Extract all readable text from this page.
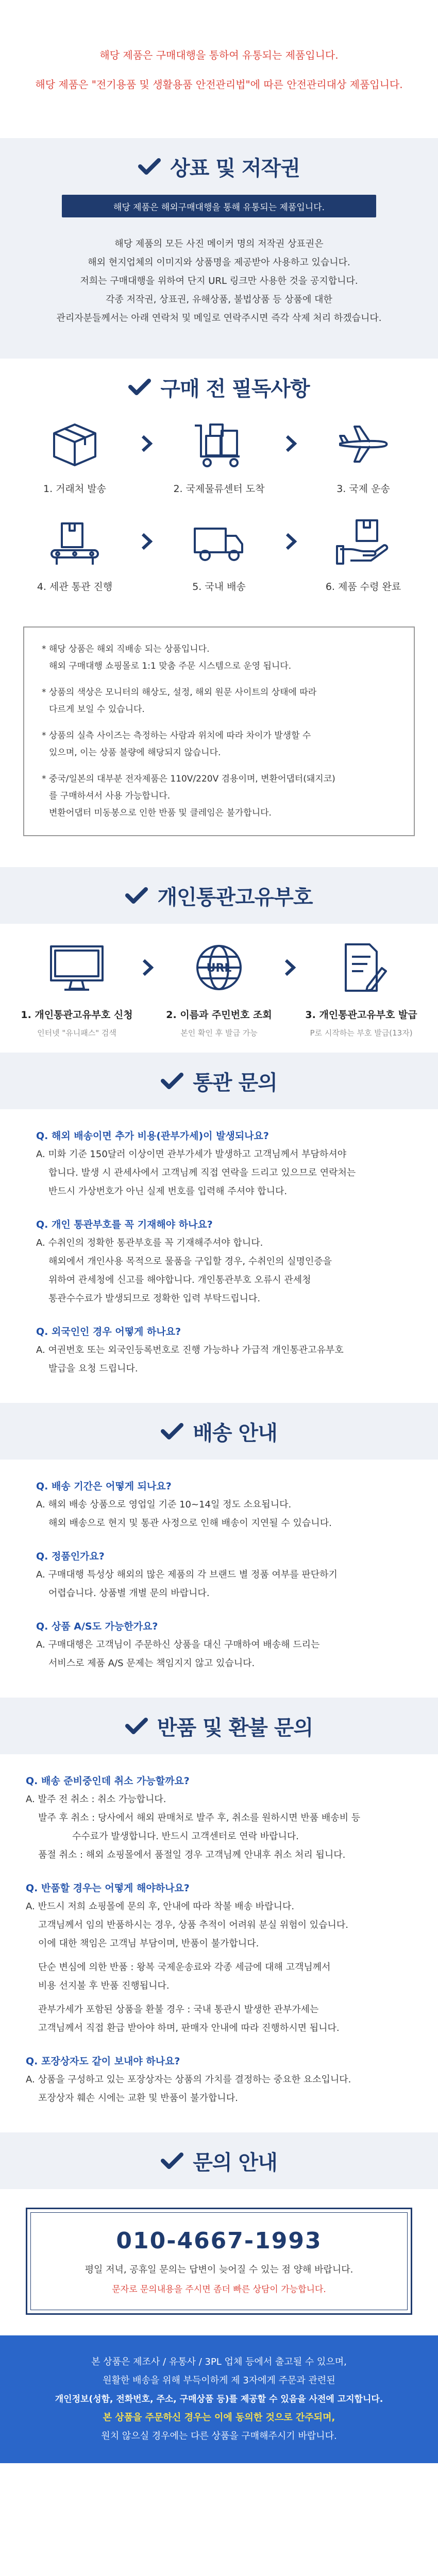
해당 제품은 구매대행을 통하여 유통되는 제품입니다.

해당 제품은 "전기용품 및 생활용품 안전관리법"에 따른 안전관리대상 제품입니다.

상표 및 저작권
해당 제품은 해외구매대행을 통해 유통되는 제품입니다.

해당 제품의 모든 사진 메이커 명의 저작권 상표권은

해외 현지업체의 이미지와 상품명을 제공받아 사용하고 있습니다.

저희는 구매대행을 위하여 단지 URL 링크만 사용한 것을 공지합니다.

각종 저작권, 상표권, 유해상품, 불법상품 등 상품에 대한

관리자분들께서는 아래 연락처 및 메일로 연락주시면 즉각 삭제 처리 하겠습니다.

구매 전 필독사항
1. 거래처 발송	2. 국제물류센터 도착	3. 국제 운송
4. 세관 통관 진행	5. 국내 배송	6. 제품 수령 완료

* 해당 상품은 해외 직배송 되는 상품입니다.

해외 구매대행 쇼핑몰로 1:1 맞춤 주문 시스템으로 운영 됩니다.

* 상품의 색상은 모니터의 해상도, 설정, 해외 원문 사이트의 상태에 따라

다르게 보일 수 있습니다.

* 상품의 실측 사이즈는 측정하는 사람과 위치에 따라 차이가 발생할 수

있으며, 이는 상품 불량에 해당되지 않습니다.

* 중국/일본의 대부분 전자제품은 110V/220V 겸용이며, 변환어댑터(돼지코)

를 구매하셔서 사용 가능합니다.

변환어댑터 미동봉으로 인한 반품 및 클레임은 불가합니다.

개인통관고유부호
1. 개인통관고유부호 신청
인터넷 "유니패스" 검색
URL
2. 이름과 주민번호 조회
본인 확인 후 발급 가능
3. 개인통관고유부호 발급
P로 시작하는 부호 발급(13자)
통관 문의
Q. 해외 배송이면 추가 비용(관부가세)이 발생되나요?
A. 미화 기준 150달러 이상이면 관부가세가 발생하고 고객님께서 부담하셔야
합니다. 발생 시 관세사에서 고객님께 직접 연락을 드리고 있으므로 연락처는
반드시 가상번호가 아닌 실제 번호를 입력해 주셔야 합니다.
Q. 개인 통관부호를 꼭 기재해야 하나요?
A. 수취인의 정확한 통관부호를 꼭 기재해주셔야 합니다.
해외에서 개인사용 목적으로 물품을 구입할 경우, 수취인의 실명인증을
위하여 관세청에 신고를 해야합니다. 개인통관부호 오류시 관세청
통관수수료가 발생되므로 정확한 입력 부탁드립니다.
Q. 외국인인 경우 어떻게 하나요?
A. 여권번호 또는 외국인등록번호로 진행 가능하나 가급적 개인통관고유부호
발급을 요청 드립니다.
배송 안내
Q. 배송 기간은 어떻게 되나요?
A. 해외 배송 상품으로 영업일 기준 10~14일 정도 소요됩니다.
해외 배송으로 현지 및 통관 사정으로 인해 배송이 지연될 수 있습니다.
Q. 정품인가요?
A. 구매대행 특성상 해외의 많은 제품의 각 브랜드 별 정품 여부를 판단하기
어렵습니다. 상품별 개별 문의 바랍니다.
Q. 상품 A/S도 가능한가요?
A. 구매대행은 고객님이 주문하신 상품을 대신 구매하여 배송해 드리는
서비스로 제품 A/S 문제는 책임지지 않고 있습니다.
반품 및 환불 문의
Q. 배송 준비중인데 취소 가능할까요?
A. 발주 전 취소 : 취소 가능합니다.
발주 후 취소 : 당사에서 해외 판매처로 발주 후, 취소를 원하시면 반품 배송비 등
수수료가 발생합니다. 반드시 고객센터로 연락 바랍니다.
품절 취소 : 해외 쇼핑몰에서 품절일 경우 고객님께 안내후 취소 처리 됩니다.
Q. 반품할 경우는 어떻게 해야하나요?
A. 반드시 저희 쇼핑몰에 문의 후, 안내에 따라 착불 배송 바랍니다.
고객님께서 임의 반품하시는 경우, 상품 추적이 어려워 분실 위험이 있습니다.
이에 대한 책임은 고객님 부담이며, 반품이 불가합니다.
단순 변심에 의한 반품 : 왕복 국제운송료와 각종 세금에 대해 고객님께서
비용 선지불 후 반품 진행됩니다.
관부가세가 포함된 상품을 환불 경우 : 국내 통관시 발생한 관부가세는
고객님께서 직접 환급 받아야 하며, 판매자 안내에 따라 진행하시면 됩니다.
Q. 포장상자도 같이 보내야 하나요?
A. 상품을 구성하고 있는 포장상자는 상품의 가치를 결정하는 중요한 요소입니다.
포장상자 훼손 시에는 교환 및 반품이 불가합니다.
문의 안내
010-4667-1993
평일 저녁, 공휴일 문의는 답변이 늦어질 수 있는 점 양해 바랍니다.
문자로 문의내용을 주시면 좀더 빠른 상담이 가능합니다.

본 상품은 제조사 / 유통사 / 3PL 업체 등에서 출고될 수 있으며,

원활한 배송을 위해 부득이하게 제 3자에게 주문과 관련된

개인정보(성함, 전화번호, 주소, 구매상품 등)를 제공할 수 있음을 사전에 고지합니다.

본 상품을 주문하신 경우는 이에 동의한 것으로 간주되며,

원치 않으실 경우에는 다른 상품을 구매해주시기 바랍니다.
